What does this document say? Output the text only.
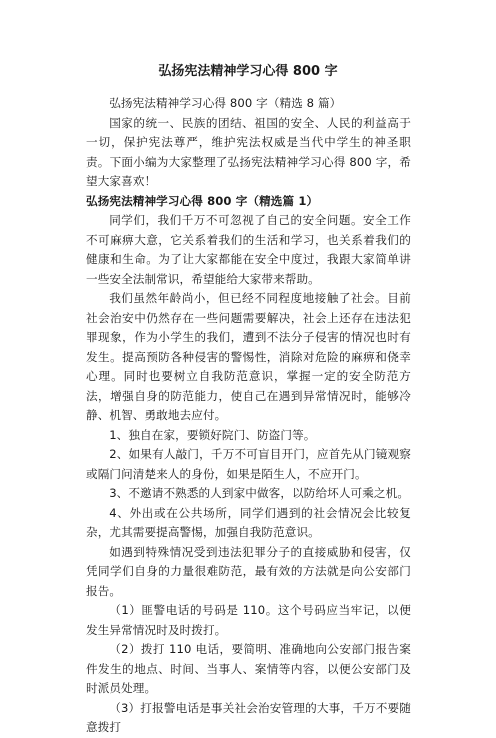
弘扬宪法精神学习心得 800 字

弘扬宪法精神学习心得 800 字（精选 8 篇）

国家的统一、民族的团结、祖国的安全、人民的利益高于一切，保护宪法尊严，维护宪法权威是当代中学生的神圣职责。下面小编为大家整理了弘扬宪法精神学习心得 800 字，希望大家喜欢！

弘扬宪法精神学习心得 800 字（精选篇 1）

同学们，我们千万不可忽视了自己的安全问题。安全工作不可麻痹大意，它关系着我们的生活和学习，也关系着我们的健康和生命。为了让大家都能在安全中度过，我跟大家简单讲一些安全法制常识，希望能给大家带来帮助。

我们虽然年龄尚小，但已经不同程度地接触了社会。目前社会治安中仍然存在一些问题需要解决，社会上还存在违法犯罪现象，作为小学生的我们，遭到不法分子侵害的情况也时有发生。提高预防各种侵害的警惕性，消除对危险的麻痹和侥幸心理。同时也要树立自我防范意识，掌握一定的安全防范方法，增强自身的防范能力，使自己在遇到异常情况时，能够冷静、机智、勇敢地去应付。

1、独自在家，要锁好院门、防盗门等。

2、如果有人敲门，千万不可盲目开门，应首先从门镜观察或隔门问清楚来人的身份，如果是陌生人，不应开门。

3、不邀请不熟悉的人到家中做客，以防给坏人可乘之机。

4、外出或在公共场所，同学们遇到的社会情况会比较复杂，尤其需要提高警惕，加强自我防范意识。

如遇到特殊情况受到违法犯罪分子的直接威胁和侵害，仅凭同学们自身的力量很难防范，最有效的方法就是向公安部门报告。

（1）匪警电话的号码是 110。这个号码应当牢记，以便发生异常情况时及时拨打。

（2）拨打 110 电话，要简明、准确地向公安部门报告案件发生的地点、时间、当事人、案情等内容，以便公安部门及时派员处理。

（3）打报警电话是事关社会治安管理的大事，千万不要随意拨打
